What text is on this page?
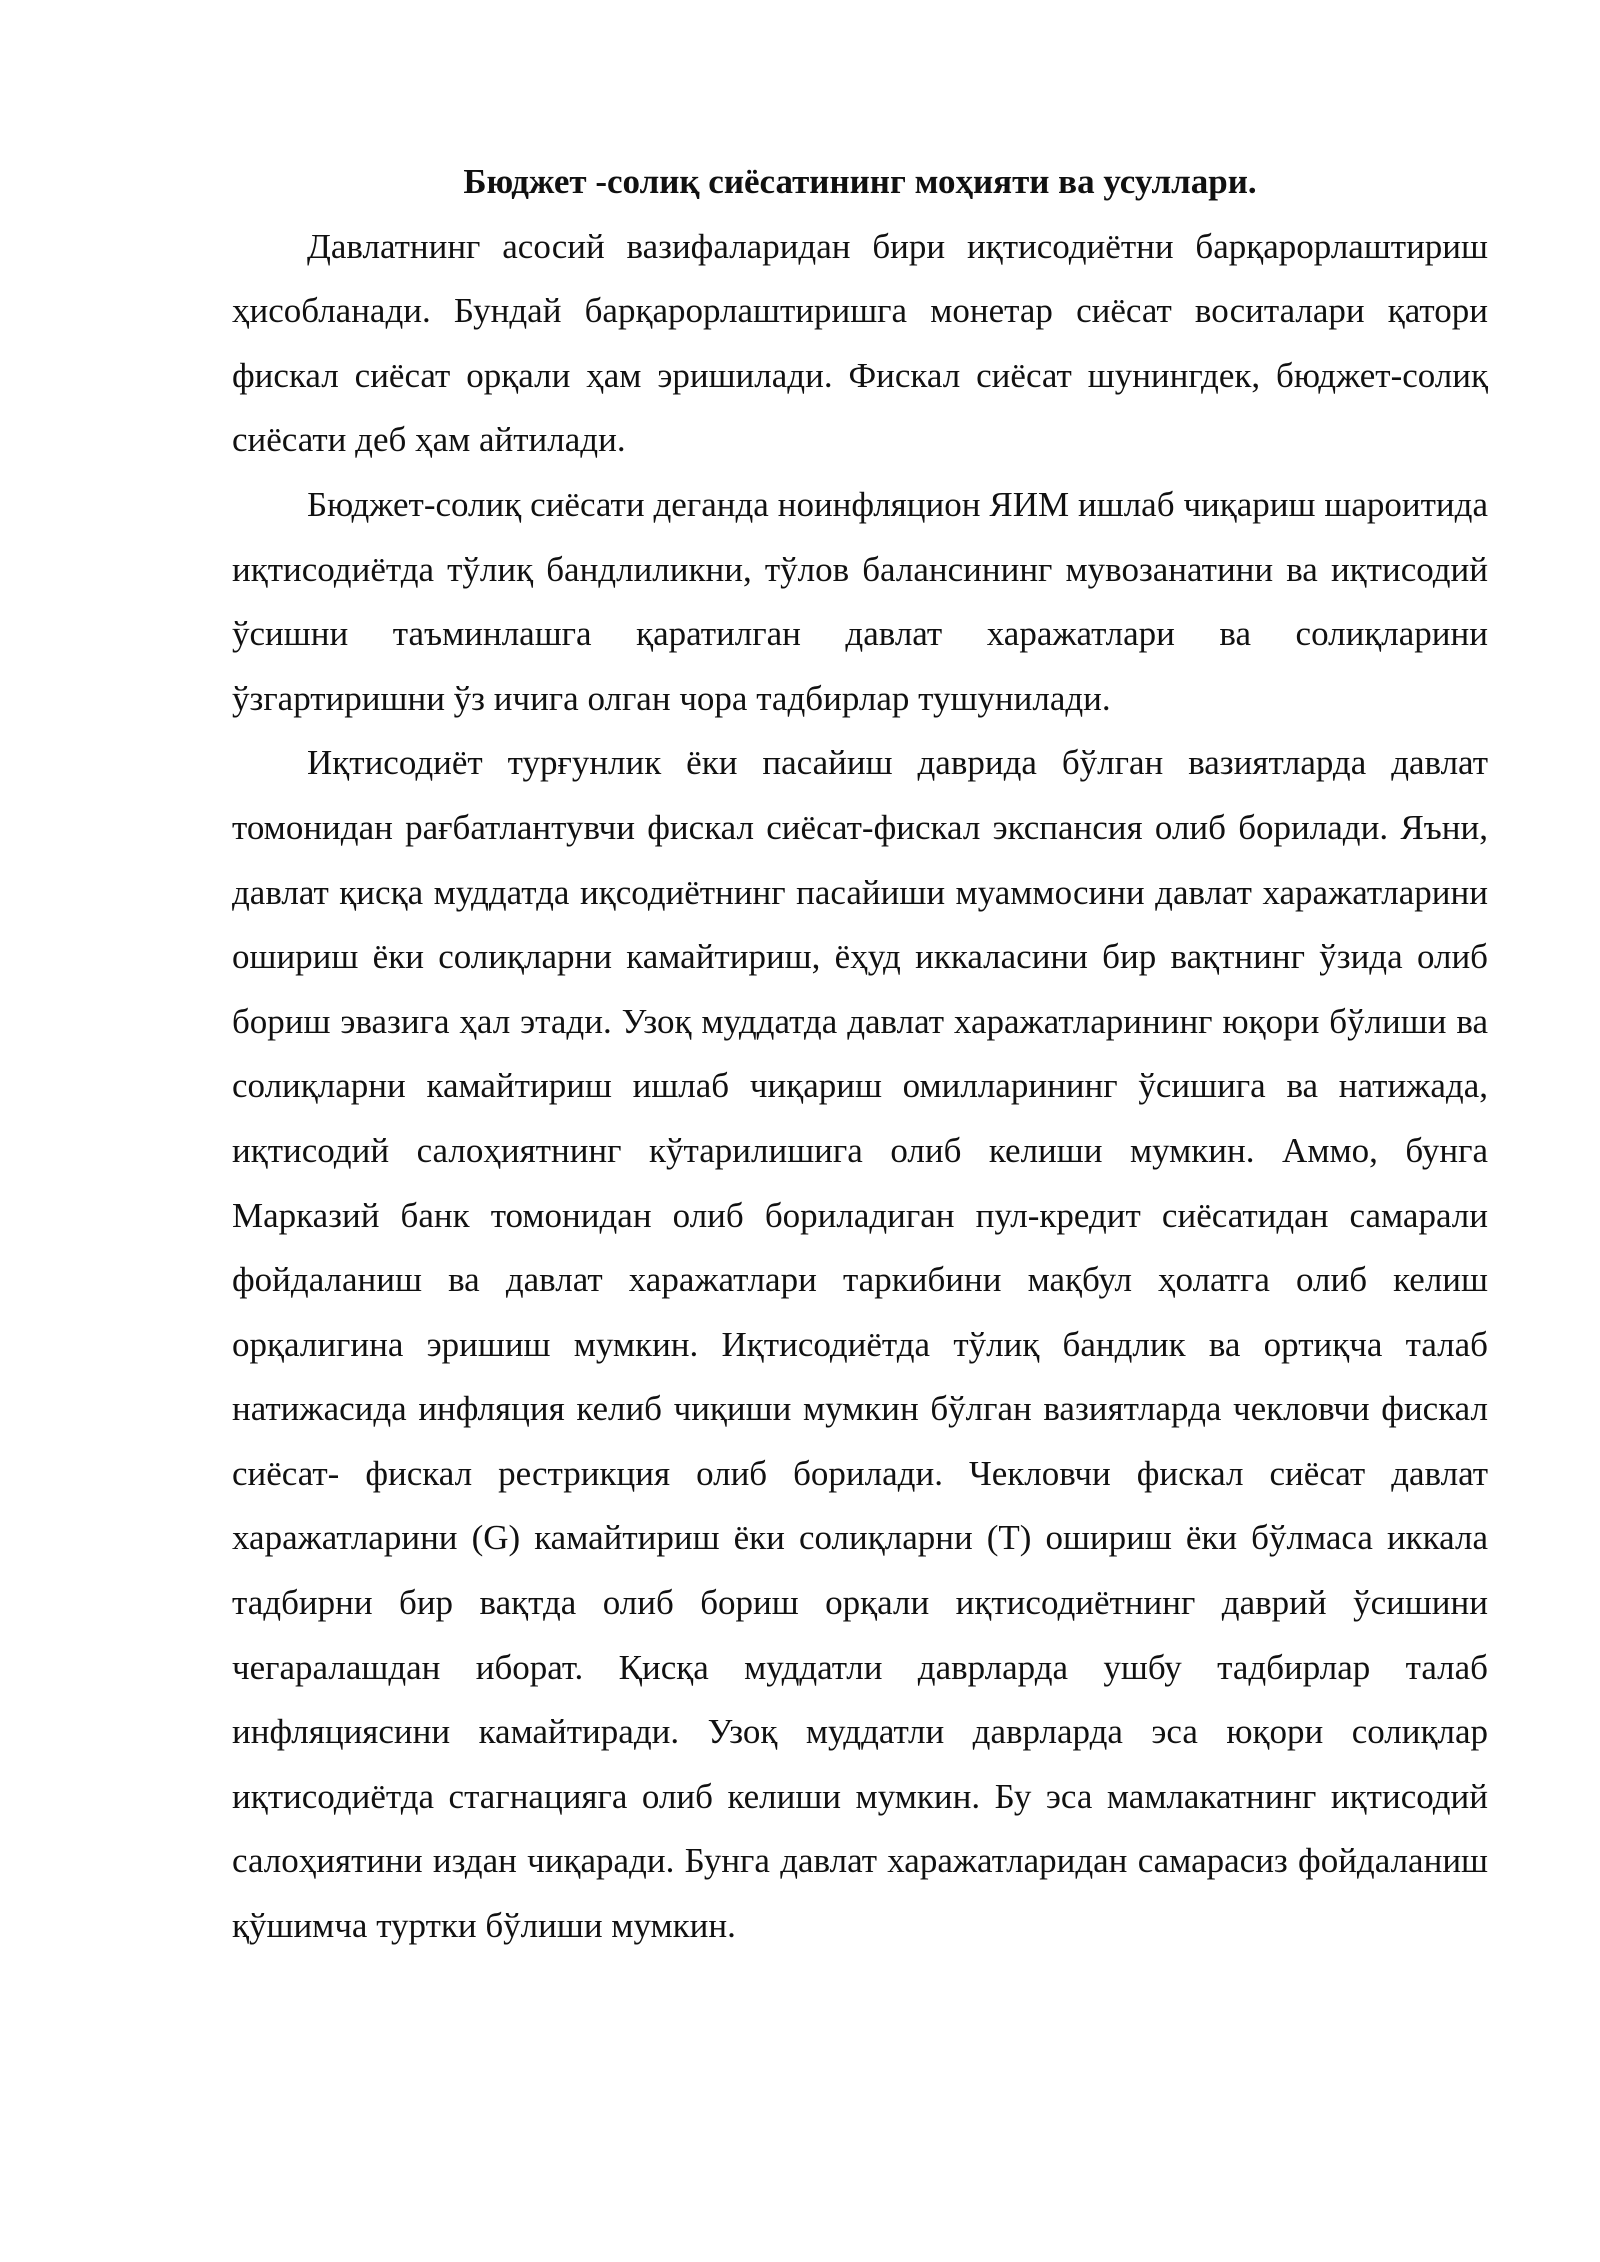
Бюджет -солиқ сиёсатининг моҳияти ва усуллари.

Давлатнинг асосий вазифаларидан бири иқтисодиётни барқарорлаштириш ҳисобланади. Бундай барқарорлаштиришга монетар сиёсат воситалари қатори фискал сиёсат орқали ҳам эришилади. Фискал сиёсат шунингдек, бюджет-солиқ сиёсати деб ҳам айтилади.

Бюджет-солиқ сиёсати деганда ноинфляцион ЯИМ ишлаб чиқариш шароитида иқтисодиётда тўлиқ бандлиликни, тўлов балансининг мувозанатини ва иқтисодий ўсишни таъминлашга қаратилган давлат харажатлари ва солиқларини ўзгартиришни ўз ичига олган чора тадбирлар тушунилади.

Иқтисодиёт турғунлик ёки пасайиш даврида бўлган вазиятларда давлат томонидан рағбатлантувчи фискал сиёсат-фискал экспансия олиб борилади. Яъни, давлат қисқа муддатда иқсодиётнинг пасайиши муаммосини давлат харажатларини ошириш ёки солиқларни камайтириш, ёҳуд иккаласини бир вақтнинг ўзида олиб бориш эвазига ҳал этади. Узоқ муддатда давлат харажатларининг юқори бўлиши ва солиқларни камайтириш ишлаб чиқариш омилларининг ўсишига ва натижада, иқтисодий салоҳиятнинг кўтарилишига олиб келиши мумкин. Аммо, бунга Марказий банк томонидан олиб бориладиган пул-кредит сиёсатидан самарали фойдаланиш ва давлат харажатлари таркибини мақбул ҳолатга олиб келиш орқалигина эришиш мумкин. Иқтисодиётда тўлиқ бандлик ва ортиқча талаб натижасида инфляция келиб чиқиши мумкин бўлган вазиятларда чекловчи фискал сиёсат- фискал рестрикция олиб борилади. Чекловчи фискал сиёсат давлат харажатларини (G) камайтириш ёки солиқларни (T) ошириш ёки бўлмаса иккала тадбирни бир вақтда олиб бориш орқали иқтисодиётнинг даврий ўсишини чегаралашдан иборат. Қисқа муддатли даврларда ушбу тадбирлар талаб инфляциясини камайтиради. Узоқ муддатли даврларда эса юқори солиқлар иқтисодиётда стагнацияга олиб келиши мумкин. Бу эса мамлакатнинг иқтисодий салоҳиятини издан чиқаради. Бунга давлат харажатларидан самарасиз фойдаланиш қўшимча туртки бўлиши мумкин.
